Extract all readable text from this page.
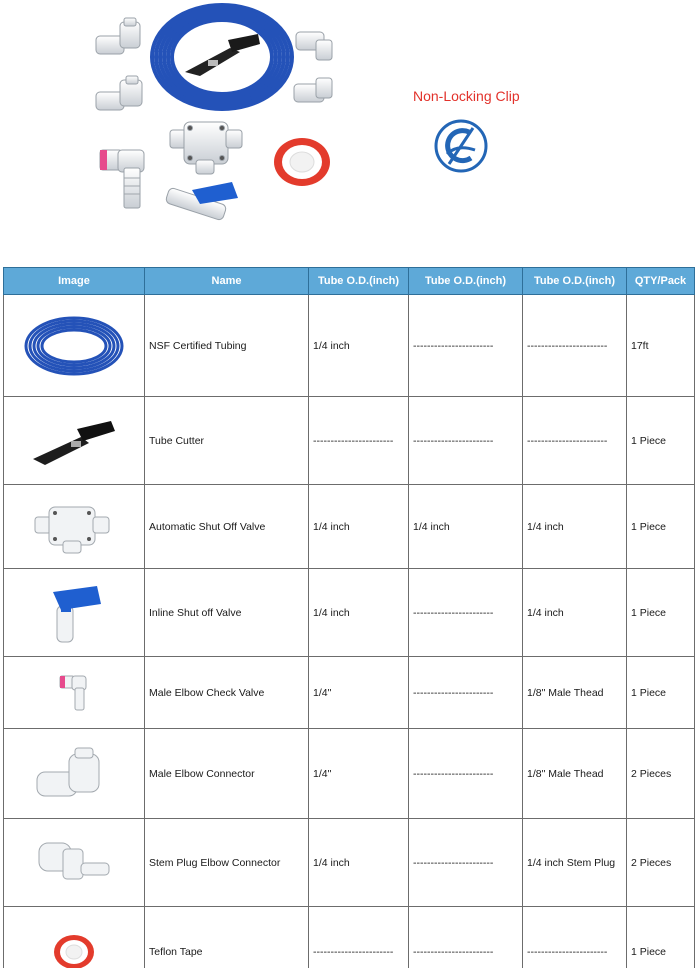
Non-Locking Clip
Image	Name	Tube O.D.(inch)	Tube O.D.(inch)	Tube O.D.(inch)	QTY/Pack

	NSF Certified Tubing	1/4 inch	-----------------------	-----------------------	17ft

	Tube Cutter	-----------------------	-----------------------	-----------------------	1 Piece

	Automatic Shut Off Valve	1/4 inch	1/4 inch	1/4 inch	1 Piece

	Inline Shut off Valve	1/4 inch	-----------------------	1/4 inch	1 Piece

	Male Elbow Check Valve	1/4"	-----------------------	1/8" Male Thead	1 Piece

	Male Elbow Connector	1/4"	-----------------------	1/8" Male Thead	2 Pieces

	Stem Plug Elbow Connector	1/4 inch	-----------------------	1/4 inch Stem Plug	2 Pieces

	Teflon Tape	-----------------------	-----------------------	-----------------------	1 Piece
